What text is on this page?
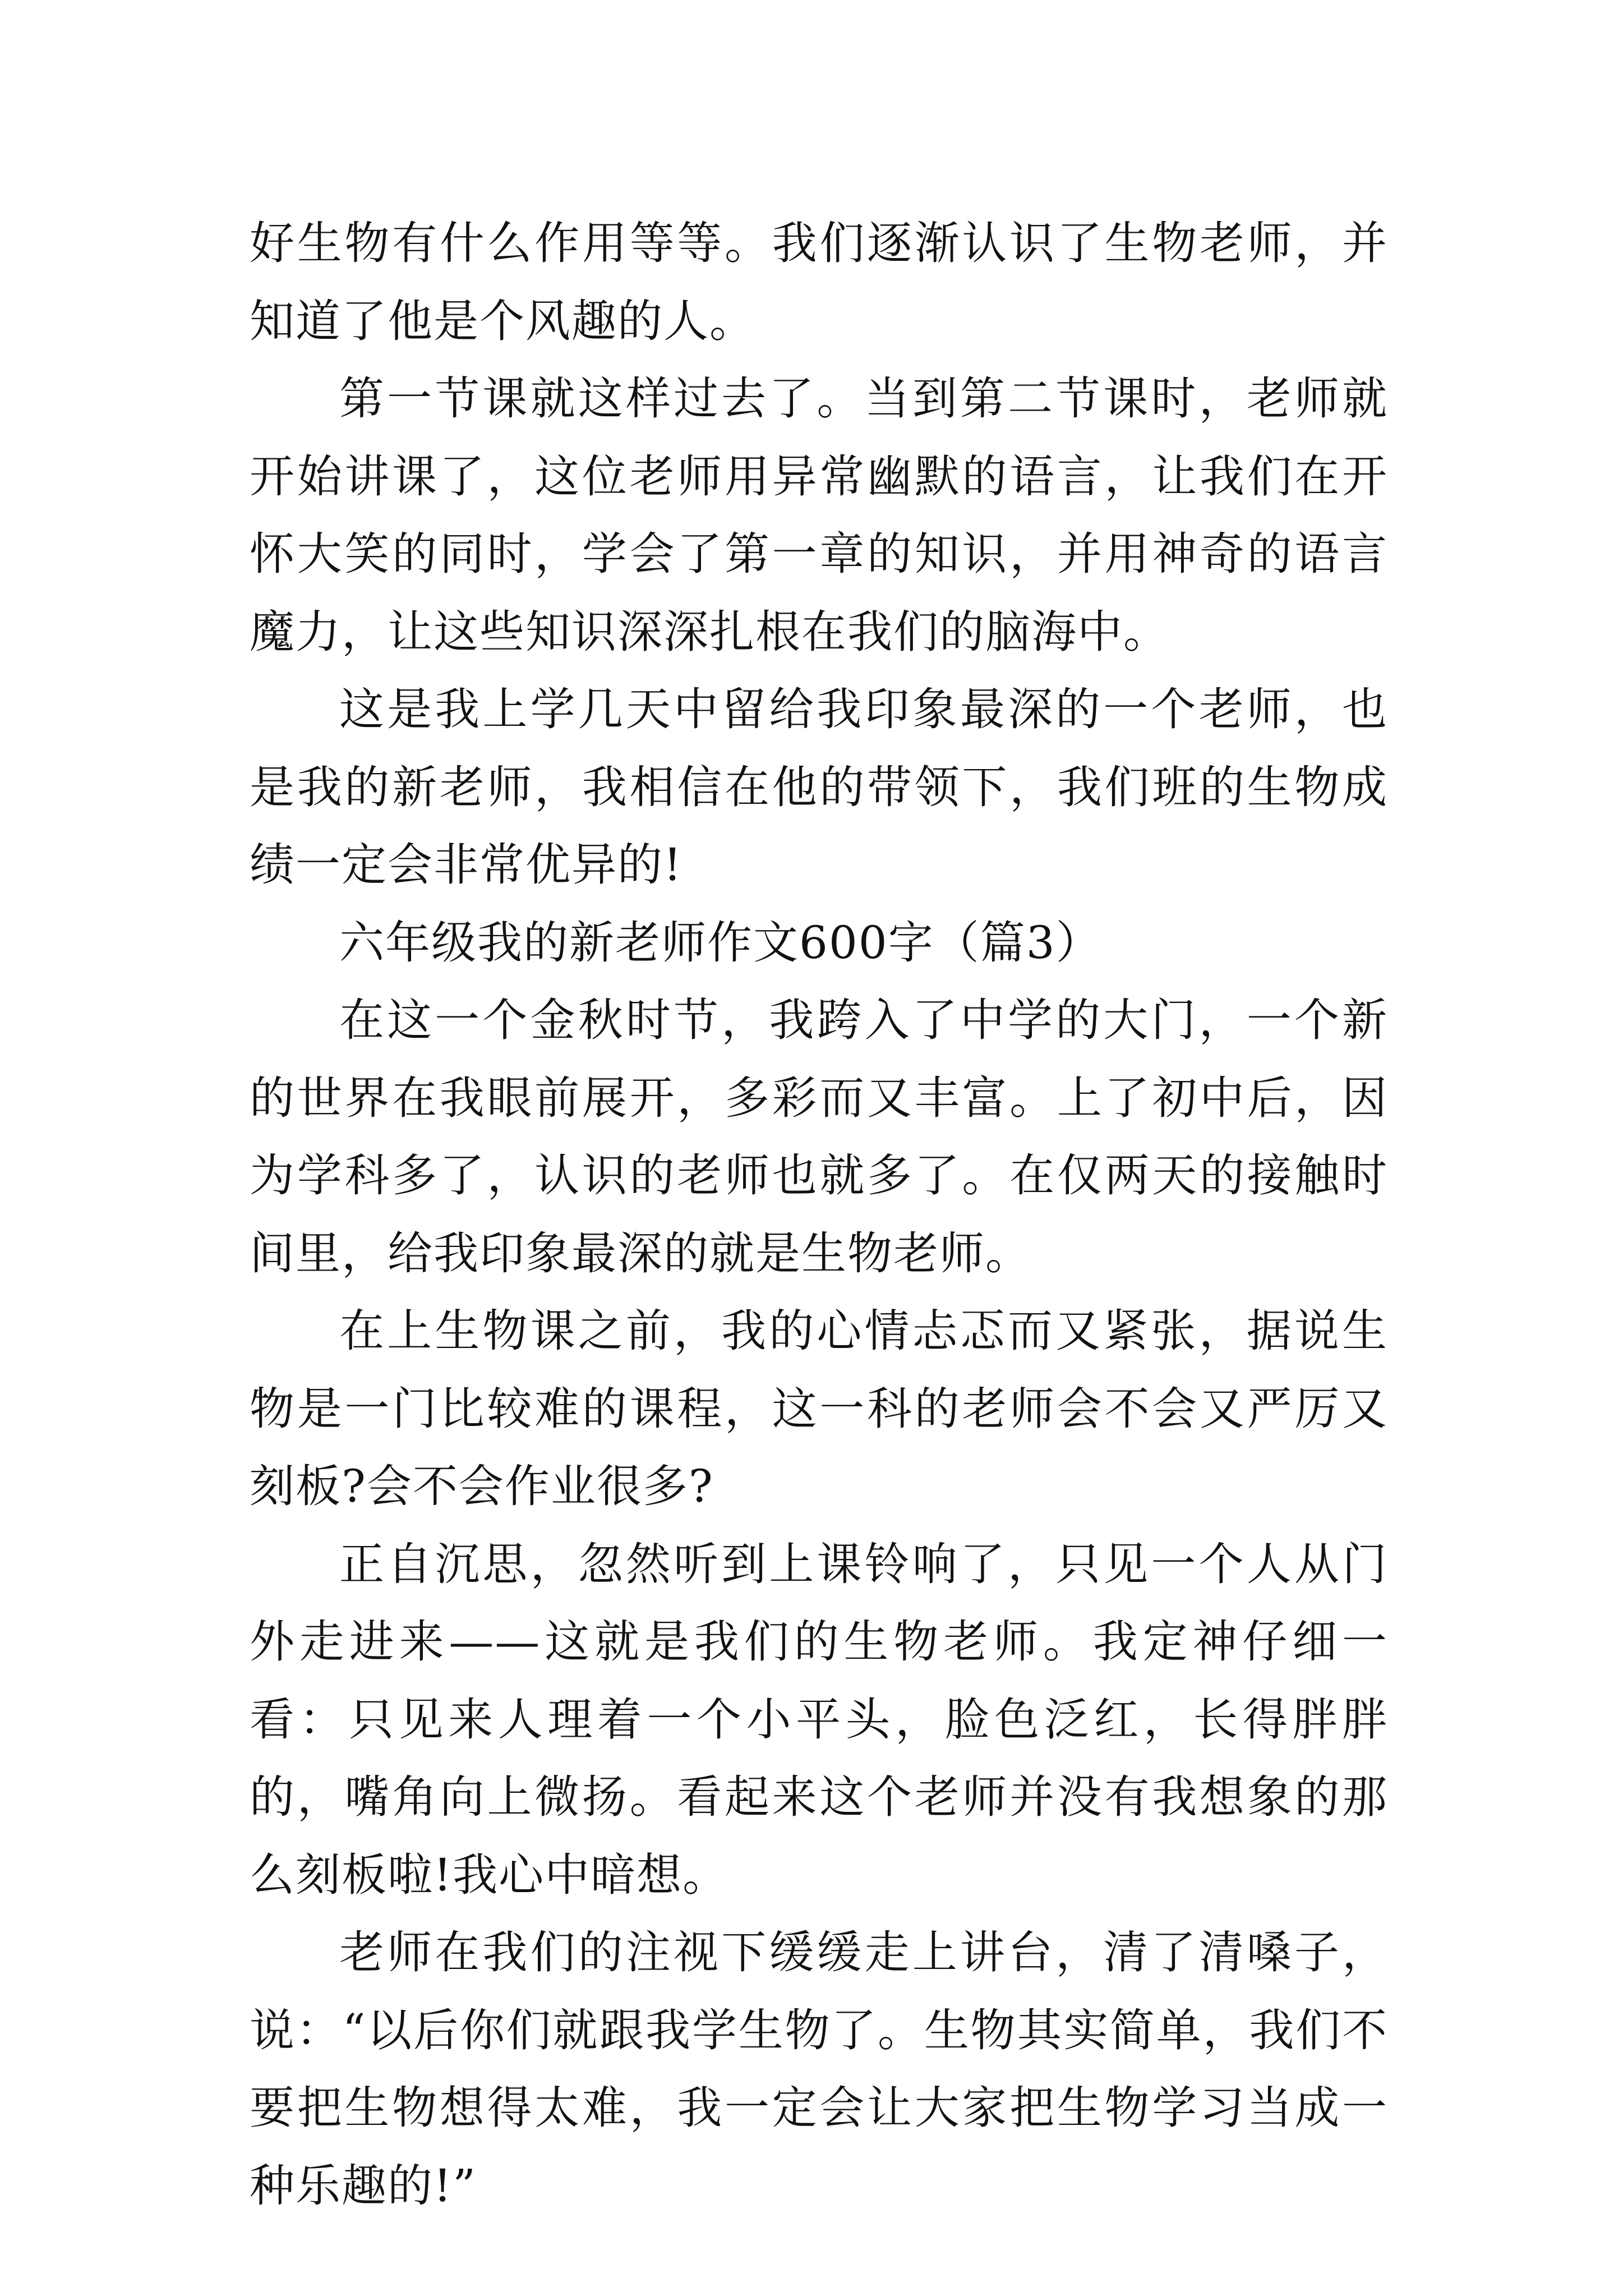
好生物有什么作用等等。我们逐渐认识了生物老师，并知道了他是个风趣的人。

第一节课就这样过去了。当到第二节课时，老师就开始讲课了，这位老师用异常幽默的语言，让我们在开怀大笑的同时，学会了第一章的知识，并用神奇的语言魔力，让这些知识深深扎根在我们的脑海中。

这是我上学几天中留给我印象最深的一个老师，也是我的新老师，我相信在他的带领下，我们班的生物成绩一定会非常优异的!

六年级我的新老师作文600字（篇3）

在这一个金秋时节，我跨入了中学的大门，一个新的世界在我眼前展开，多彩而又丰富。上了初中后，因为学科多了，认识的老师也就多了。在仅两天的接触时间里，给我印象最深的就是生物老师。

在上生物课之前，我的心情忐忑而又紧张，据说生物是一门比较难的课程，这一科的老师会不会又严厉又刻板?会不会作业很多?

正自沉思，忽然听到上课铃响了，只见一个人从门外走进来——这就是我们的生物老师。我定神仔细一看：只见来人理着一个小平头，脸色泛红，长得胖胖的，嘴角向上微扬。看起来这个老师并没有我想象的那么刻板啦!我心中暗想。

老师在我们的注视下缓缓走上讲台，清了清嗓子，说：“以后你们就跟我学生物了。生物其实简单，我们不要把生物想得太难，我一定会让大家把生物学习当成一种乐趣的!”
